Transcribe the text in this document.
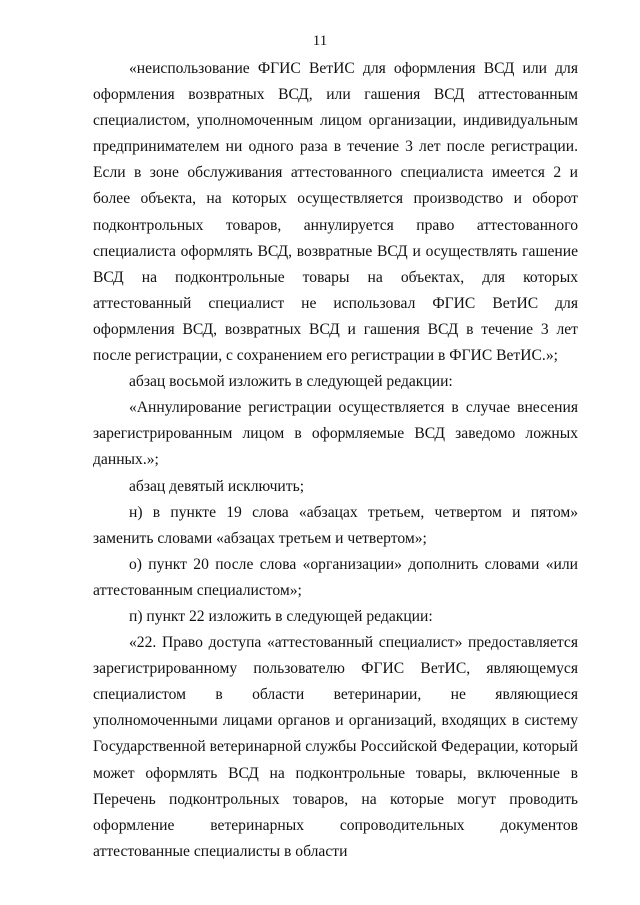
11

«неиспользование ФГИС ВетИС для оформления ВСД или для оформления возвратных ВСД, или гашения ВСД аттестованным специалистом, уполномоченным лицом организации, индивидуальным предпринимателем ни одного раза в течение 3 лет после регистрации. Если в зоне обслуживания аттестованного специалиста имеется 2 и более объекта, на которых осуществляется производство и оборот подконтрольных товаров, аннулируется право аттестованного специалиста оформлять ВСД, возвратные ВСД и осуществлять гашение ВСД на подконтрольные товары на объектах, для которых аттестованный специалист не использовал ФГИС ВетИС для оформления ВСД, возвратных ВСД и гашения ВСД в течение 3 лет после регистрации, с сохранением его регистрации в ФГИС ВетИС.»;

абзац восьмой изложить в следующей редакции:

«Аннулирование регистрации осуществляется в случае внесения зарегистрированным лицом в оформляемые ВСД заведомо ложных данных.»;

абзац девятый исключить;

н) в пункте 19 слова «абзацах третьем, четвертом и пятом» заменить словами «абзацах третьем и четвертом»;

о) пункт 20 после слова «организации» дополнить словами «или аттестованным специалистом»;

п) пункт 22 изложить в следующей редакции:

«22. Право доступа «аттестованный специалист» предоставляется зарегистрированному пользователю ФГИС ВетИС, являющемуся специалистом в области ветеринарии, не являющиеся уполномоченными лицами органов и организаций, входящих в систему Государственной ветеринарной службы Российской Федерации, который может оформлять ВСД на подконтрольные товары, включенные в Перечень подконтрольных товаров, на которые могут проводить оформление ветеринарных сопроводительных документов аттестованные специалисты в области
